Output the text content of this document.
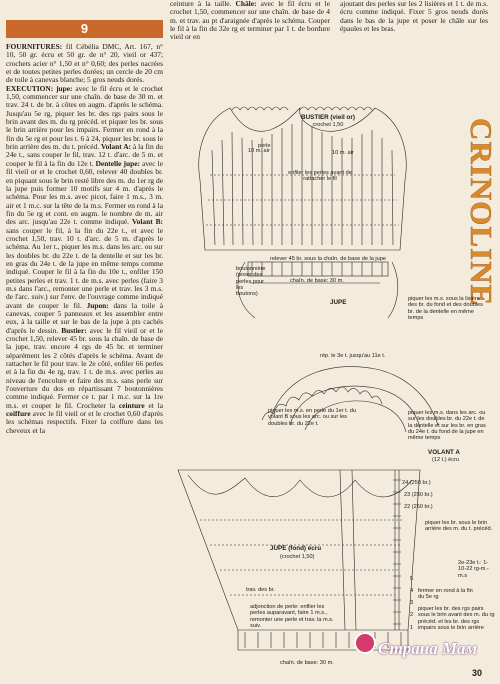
9

FOURNITURES: fil Cébélia DMC, Art. 167, n° 10, 50 gr. écru et 50 gr. de n° 20, vieil or 437; crochets acier n° 1,50 et n° 0,60; des perles nacrées et de toutes petites perles dorées; un cercle de 20 cm de toile à canevas blanche; 5 gros neuds dorés.

EXECUTION: jupe: avec le fil écru et le crochet 1,50, commencer sur une chaîn. de base de 30 m. et trav. 24 t. de br. à côtes en augm. d'après le schéma. Jusqu'au 5e rg, piquer les br. des rgs pairs sous le brin avant des m. du rg précéd. et piquer les br. sous le brin arrière pour les impairs. Fermer en rond à la fin du 5e rg et pour les t. 6 à 24, piquer les br. sous le brin arrière des m. du t. précéd. Volant A: à la fin du 24e t., sans couper le fil, trav. 12 t. d'arc. de 5 m. et couper le fil à la fin du 12e t. Dentelle jupe: avec le fil vieil or et le crochet 0,60, relever 40 doubles br. en piquant sous le brin resté libre des m. du 1er rg de la jupe puis former 10 motifs sur 4 m. d'après le schéma. Pour les m.s. avec picot, faire 1 m.s., 3 m. air et 1 m.c. sur la tête de la m.s. Fermer en rond à la fin du 5e rg et cont. en augm. le nombre de m. air des arc. jusqu'au 22e t. comme indiqué. Volant B: sans couper le fil, à la fin du 22e t., et avec le crochet 1,50, trav. 10 t. d'arc. de 5 m. d'après le schéma. Au 1er t., piquer les m.s. dans les arc. ou sur les doubles br. du 22e t. de la dentelle et sur les br. en gras du 24e t. de la jupe en même temps comme indiqué. Couper le fil à la fin du 10e t., enfiler 150 petites perles et trav. 1 t. de m.s. avec perles (faire 3 m.s dans l'arc., remonter une perle et trav. les 3 m.s. de l'arc. suiv.) sur l'env. de l'ouvrage comme indiqué avant de couper le fil. Jupon: dans la toile à canevas, couper 5 panneaux et les assembler entre eux, à la taille et sur le bas de la jupe à pts cachés d'après le dessin. Bustier: avec le fil vieil or et le crochet 1,50, relever 45 br. sous la chaîn. de base de la jupe, trav. encore 4 rgs de 45 br. et terminer séparément les 2 côtés d'après le schéma. Avant de rattacher le fil pour trav. le 2e côté, enfiler 66 perles et à la fin du 4e rg, trav. 1 t. de m.s. avec perles au niveau de l'encolure et faire des m.s. sans perle sur l'ouverture du dos en répartissant 7 boutonnières comme indiqué. Fermer ce t. par 1 m.c. sur la 1re m.s. et couper le fil. Crocheter la ceinture et la coiffure avec le fil vieil or et le crochet 0,60 d'après les schémas respectifs. Fixer la coiffure dans les cheveux et la

ceinture à la taille. Châle: avec le fil écru et le crochet 1,50, commencer sur une chaîn. de base de 4 m. et trav. au pt d'araignée d'après le schéma. Couper le fil à la fin du 32e rg et terminer par 1 t. de bordure vieil or en
ajoutant des perles sur les 2 lisières et 1 t. de m.s. écru comme indiqué. Fixer 5 gros neuds dorés dans le bas de la jupe et poser le châle sur les épaules et les bras.
CRINOLINE
BUSTIER (vieil or)
crochet 1,50
perle
10 m. air	10 m. air
enfiler les perles avant de rattacher le fil
relever 45 br. sous la chaîn. de base de la jupe
chaîn. de base: 30 m.
boutonnière (poser des perles pour les boutons)
JUPE	piquer les m.s. sous la lisière des br. du fond et des doubles br. de la dentelle en même temps
rép. le 3e t. jusqu'au 11e t.
piquer les m.s. en perle du 1er t. du volant B sous les arc. ou sur les doubles br. du 22e t.
piquer les m.s. dans les arc. ou sur les doubles br. du 22e t. de la dentelle et sur les br. en gras du 24e t. du fond de la jupe en même temps
VOLANT A
(12 t.) écru
24 (250 br.)
23 (250 br.)
22 (250 br.)
piquer les br. sous le brin arrière des m. du t. précéd.
JUPE (fond) écru
(crochet 1,50)
trav. des br.
adjonction de perle: enfiler les perles auparavant, faire 1 m.s., remonter une perle et trav. la m.s. suiv.
fermer en rond à la fin du 5e rg
piquer les br. des rgs pairs sous le brin avant des m. du rg précéd. et les br. des rgs impairs sous le brin arrière
2e-23e t.: 1-10-22 rg-m.-m.s
chaîn. de base: 30 m.
1
2
3
4
5
Страна Мам
30
